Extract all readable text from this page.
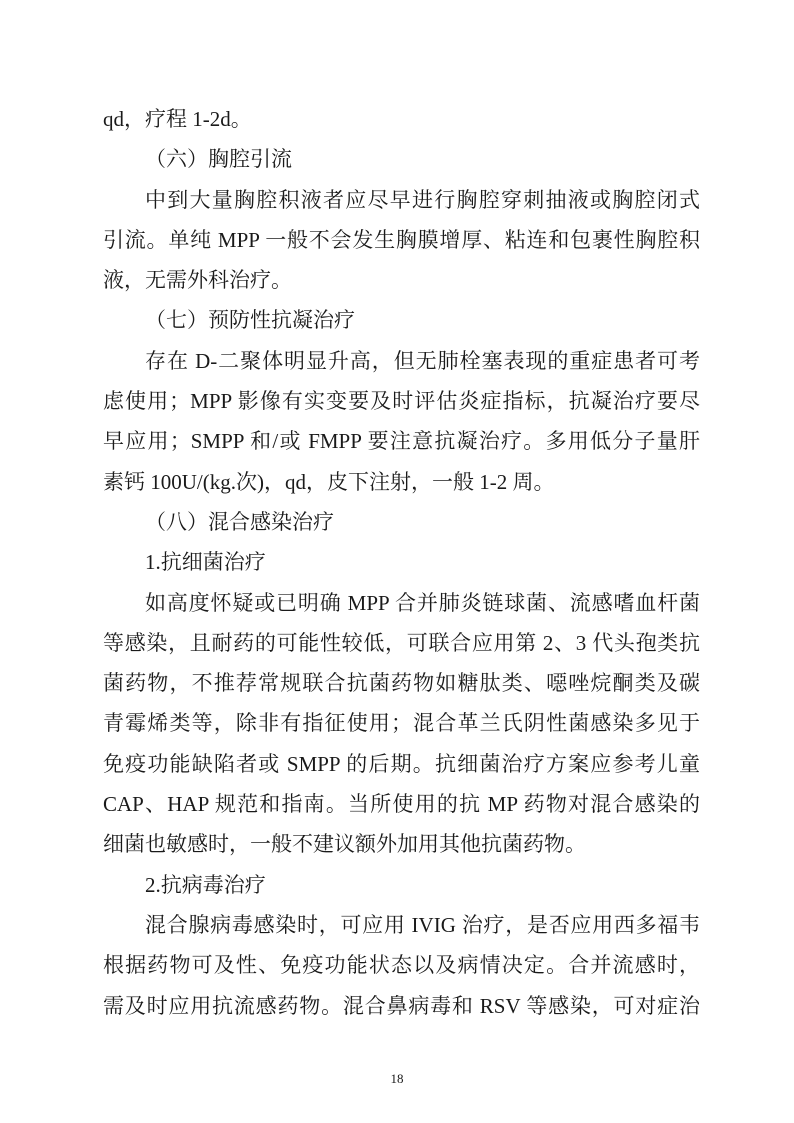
qd，疗程 1-2d。
（六）胸腔引流
中到大量胸腔积液者应尽早进行胸腔穿刺抽液或胸腔闭式
引流。单纯 MPP 一般不会发生胸膜增厚、粘连和包裹性胸腔积
液，无需外科治疗。
（七）预防性抗凝治疗
存在 D-二聚体明显升高，但无肺栓塞表现的重症患者可考
虑使用；MPP 影像有实变要及时评估炎症指标，抗凝治疗要尽
早应用；SMPP 和/或 FMPP 要注意抗凝治疗。多用低分子量肝
素钙 100U/(kg.次)，qd，皮下注射，一般 1-2 周。
（八）混合感染治疗
1.抗细菌治疗
如高度怀疑或已明确 MPP 合并肺炎链球菌、流感嗜血杆菌
等感染，且耐药的可能性较低，可联合应用第 2、3 代头孢类抗
菌药物，不推荐常规联合抗菌药物如糖肽类、噁唑烷酮类及碳
青霉烯类等，除非有指征使用；混合革兰氏阴性菌感染多见于
免疫功能缺陷者或 SMPP 的后期。抗细菌治疗方案应参考儿童
CAP、HAP 规范和指南。当所使用的抗 MP 药物对混合感染的
细菌也敏感时，一般不建议额外加用其他抗菌药物。
2.抗病毒治疗
混合腺病毒感染时，可应用 IVIG 治疗，是否应用西多福韦
根据药物可及性、免疫功能状态以及病情决定。合并流感时，
需及时应用抗流感药物。混合鼻病毒和 RSV 等感染，可对症治
18
